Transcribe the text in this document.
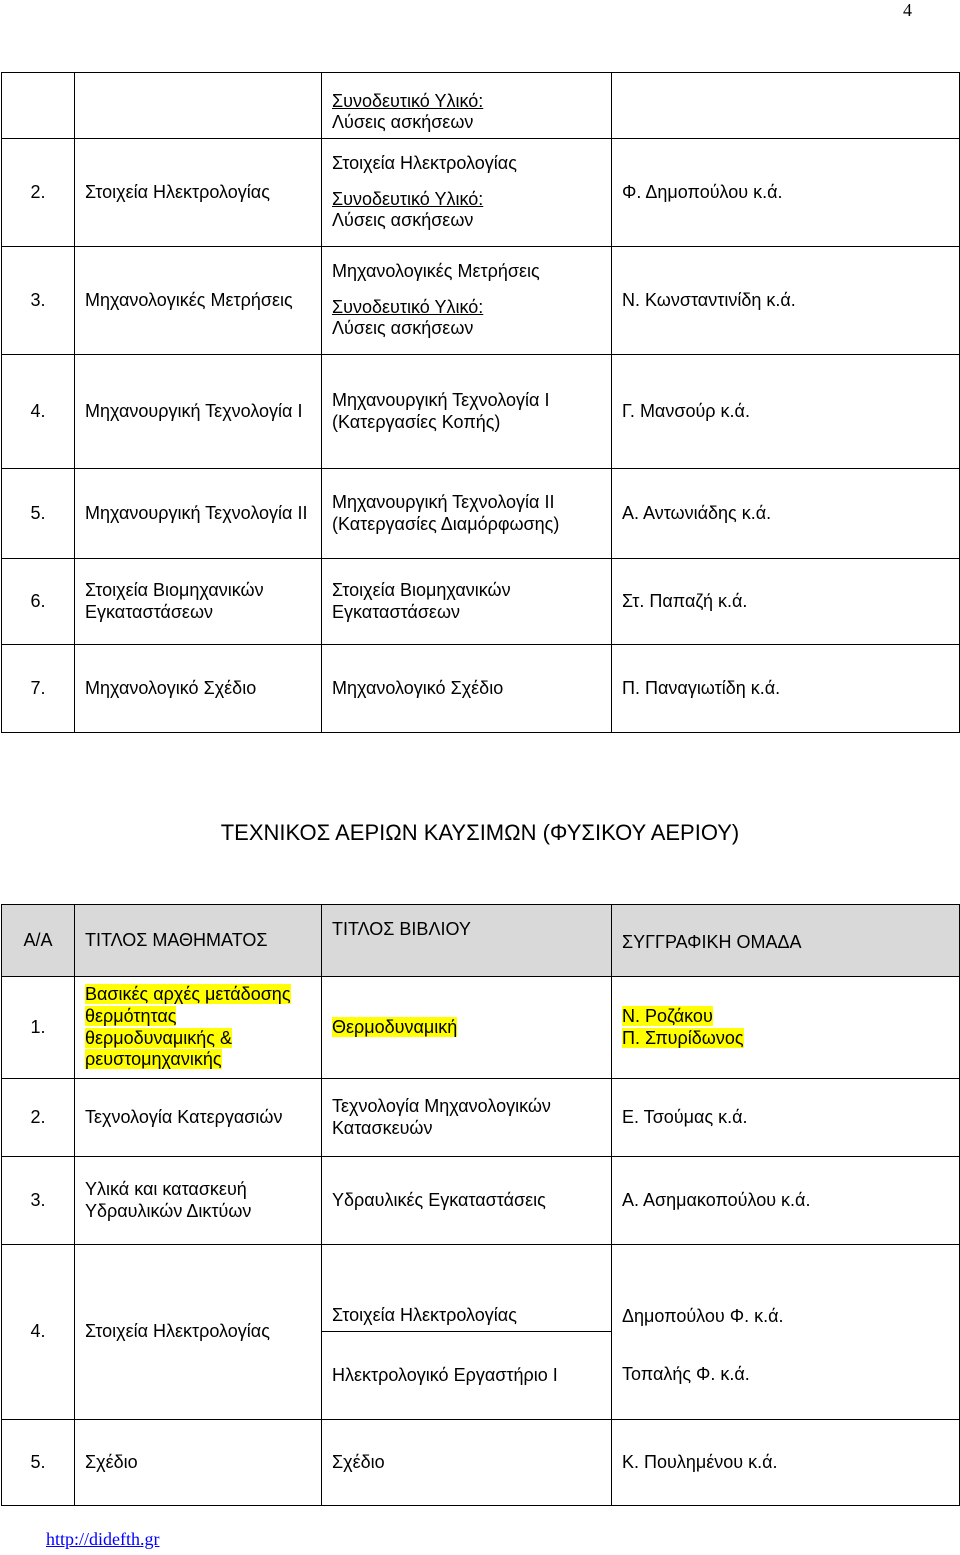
4

		Συνοδευτικό Υλικό:
Λύσεις ασκήσεων	

2.	Στοιχεία Ηλεκτρολογίας	Στοιχεία Ηλεκτρολογίας
Συνοδευτικό Υλικό:
Λύσεις ασκήσεων	Φ. Δημοπούλου κ.ά.
3.	Μηχανολογικές Μετρήσεις	Μηχανολογικές Μετρήσεις
Συνοδευτικό Υλικό:
Λύσεις ασκήσεων	Ν. Κωνσταντινίδη κ.ά.
4.	Μηχανουργική Τεχνολογία Ι	Μηχανουργική Τεχνολογία Ι (Κατεργασίες Κοπής)	Γ. Μανσούρ κ.ά.
5.	Μηχανουργική Τεχνολογία ΙΙ	Μηχανουργική Τεχνολογία ΙΙ (Κατεργασίες Διαμόρφωσης)	Α. Αντωνιάδης κ.ά.
6.	Στοιχεία Βιομηχανικών Εγκαταστάσεων	Στοιχεία Βιομηχανικών Εγκαταστάσεων	Στ. Παπαζή κ.ά.
7.	Μηχανολογικό Σχέδιο	Μηχανολογικό Σχέδιο	Π. Παναγιωτίδη κ.ά.
ΤΕΧΝΙΚΟΣ ΑΕΡΙΩΝ ΚΑΥΣΙΜΩΝ (ΦΥΣΙΚΟΥ ΑΕΡΙΟΥ)
Α/Α	ΤΙΤΛΟΣ ΜΑΘΗΜΑΤΟΣ	ΤΙΤΛΟΣ ΒΙΒΛΙΟΥ	ΣΥΓΓΡΑΦΙΚΗ ΟΜΑΔΑ
1.	Βασικές αρχές μετάδοσης θερμότητας θερμοδυναμικής & ρευστομηχανικής	Θερμοδυναμική	Ν. Ροζάκου
Π. Σπυρίδωνος

2.	Τεχνολογία Κατεργασιών	Τεχνολογία Μηχανολογικών Κατασκευών	Ε. Τσούμας κ.ά.
3.	Υλικά και κατασκευή Υδραυλικών Δικτύων	Υδραυλικές Εγκαταστάσεις	Α. Ασημακοπούλου κ.ά.
4.	Στοιχεία Ηλεκτρολογίας	Στοιχεία Ηλεκτρολογίας	Δημοπούλου Φ. κ.ά.
		Ηλεκτρολογικό Εργαστήριο Ι	Τοπαλής Φ. κ.ά.
5.	Σχέδιο	Σχέδιο	Κ. Πουλημένου κ.ά.
http://didefth.gr
